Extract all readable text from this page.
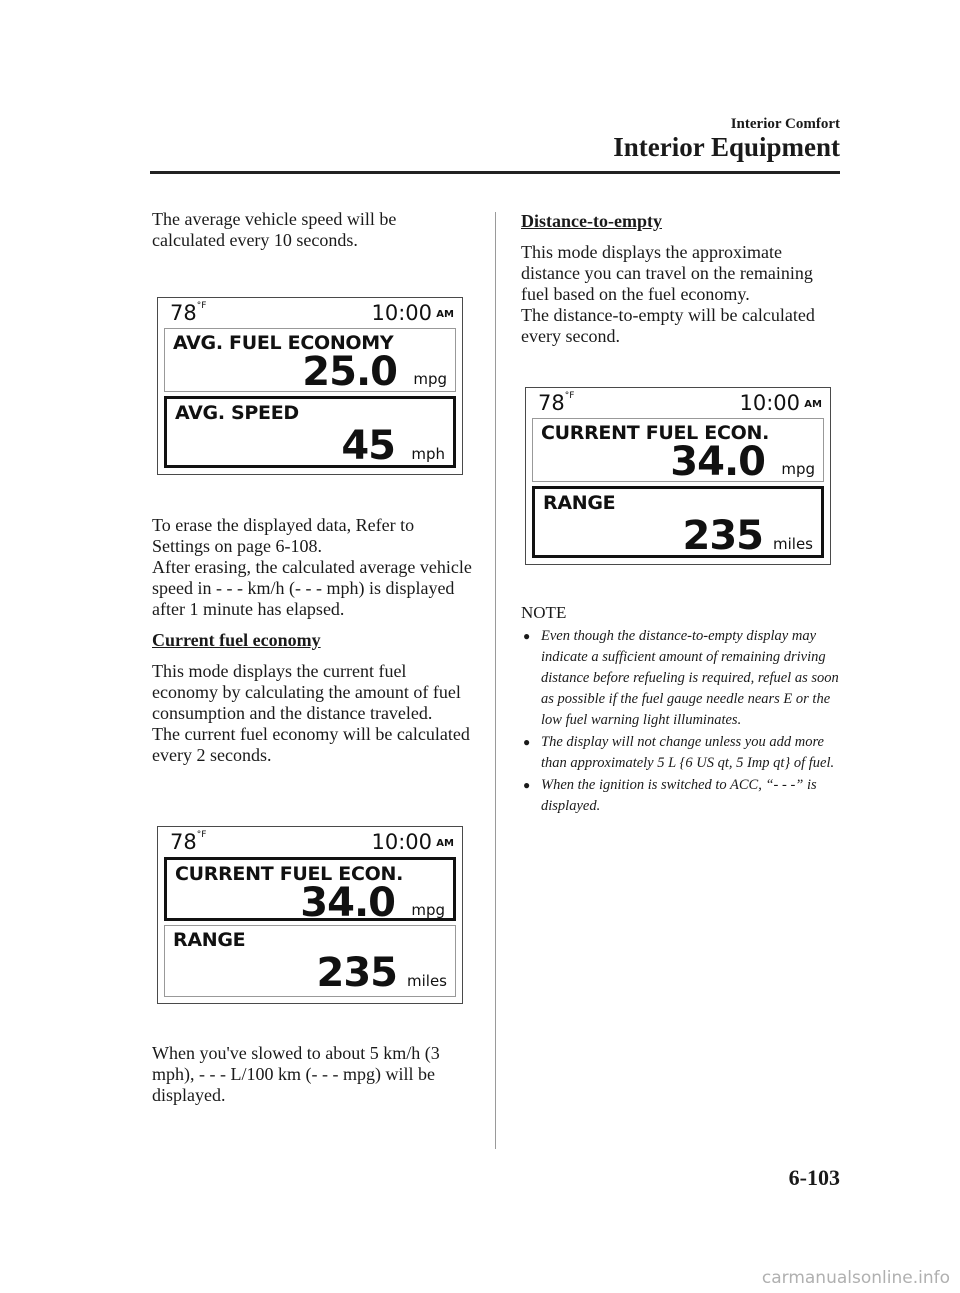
Interior Comfort
Interior Equipment

The average vehicle speed will be calculated every 10 seconds.

$78^{^\circ F}$	10:00 AM
AVG. FUEL ECONOMY
25.0 mpg
AVG. SPEED
45 mph

To erase the displayed data, Refer to Settings on page 6-108.

After erasing, the calculated average vehicle speed in - - - km/h (- - - mph) is displayed after 1 minute has elapsed.

Current fuel economy

This mode displays the current fuel economy by calculating the amount of fuel consumption and the distance traveled.

The current fuel economy will be calculated every 2 seconds.

$78^{^\circ F}$	10:00 AM
CURRENT FUEL ECON.
34.0 mpg
RANGE
235 miles

When you've slowed to about 5 km/h (3 mph), - - - L/100 km (- - - mpg) will be displayed.

Distance-to-empty

This mode displays the approximate distance you can travel on the remaining fuel based on the fuel economy.

The distance-to-empty will be calculated every second.

$78^{^\circ F}$	10:00 AM
CURRENT FUEL ECON.
34.0 mpg
RANGE
235 miles
NOTE
● Even though the distance-to-empty display may indicate a sufficient amount of remaining driving distance before refueling is required, refuel as soon as possible if the fuel gauge needle nears E or the low fuel warning light illuminates.
● The display will not change unless you add more than approximately 5 L {6 US qt, 5 Imp qt} of fuel.
● When the ignition is switched to ACC, “- - -” is displayed.
6-103
carmanualsonline.info
